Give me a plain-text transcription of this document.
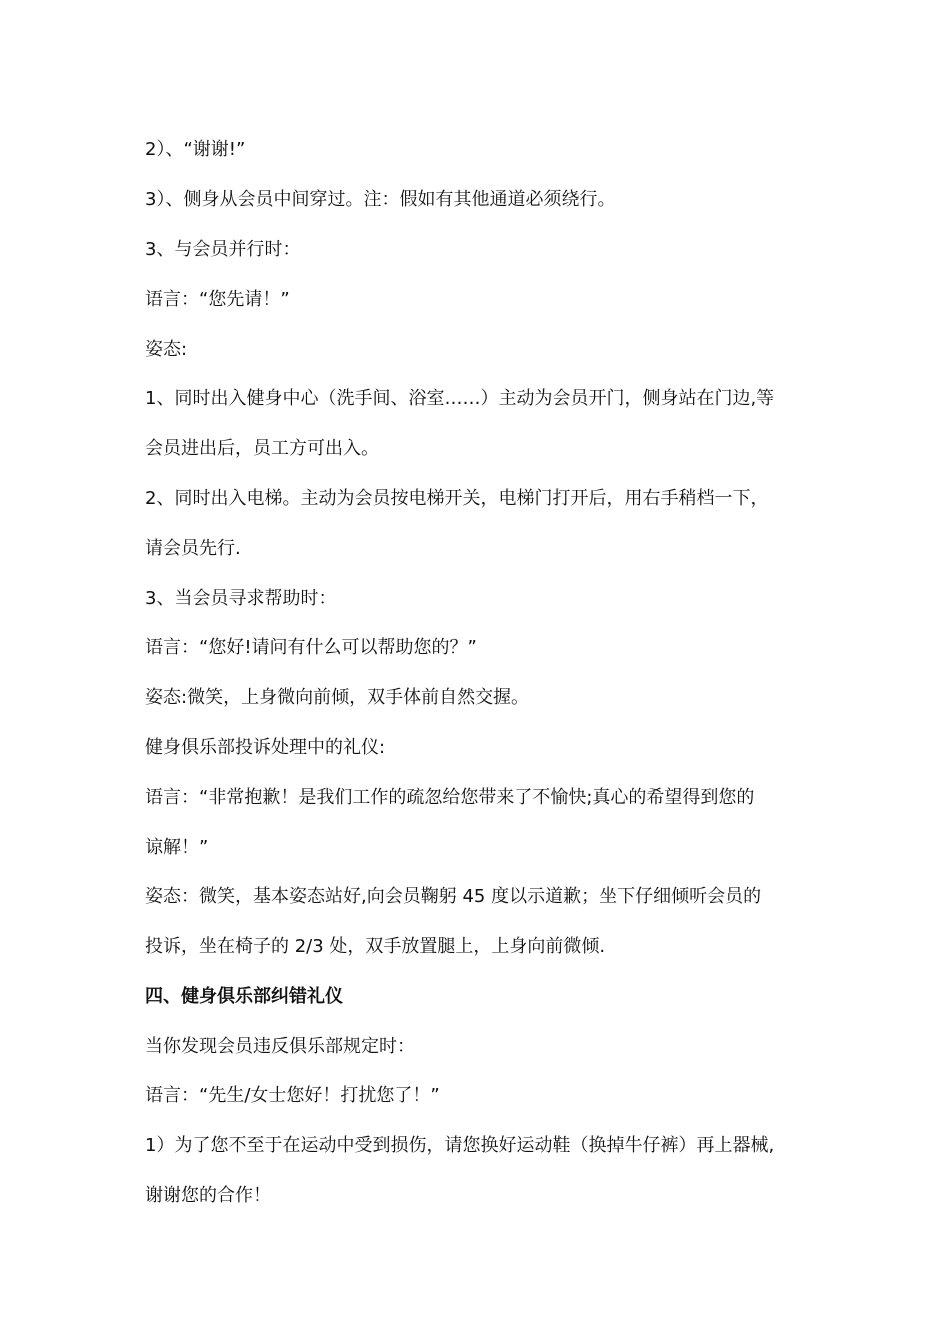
2）、“谢谢!”
3）、侧身从会员中间穿过。注：假如有其他通道必须绕行。
3、与会员并行时：
语言：“您先请！”
姿态:
1、同时出入健身中心（洗手间、浴室……）主动为会员开门，侧身站在门边,等
会员进出后，员工方可出入。
2、同时出入电梯。主动为会员按电梯开关，电梯门打开后，用右手稍档一下，
请会员先行.
3、当会员寻求帮助时：
语言：“您好!请问有什么可以帮助您的？”
姿态:微笑，上身微向前倾，双手体前自然交握。
健身俱乐部投诉处理中的礼仪:
语言：“非常抱歉！是我们工作的疏忽给您带来了不愉快;真心的希望得到您的
谅解！”
姿态：微笑，基本姿态站好,向会员鞠躬 45 度以示道歉；坐下仔细倾听会员的
投诉，坐在椅子的 2/3 处，双手放置腿上，上身向前微倾.
四、健身俱乐部纠错礼仪
当你发现会员违反俱乐部规定时：
语言：“先生/女士您好！打扰您了！”
1）为了您不至于在运动中受到损伤，请您换好运动鞋（换掉牛仔裤）再上器械,
谢谢您的合作！
